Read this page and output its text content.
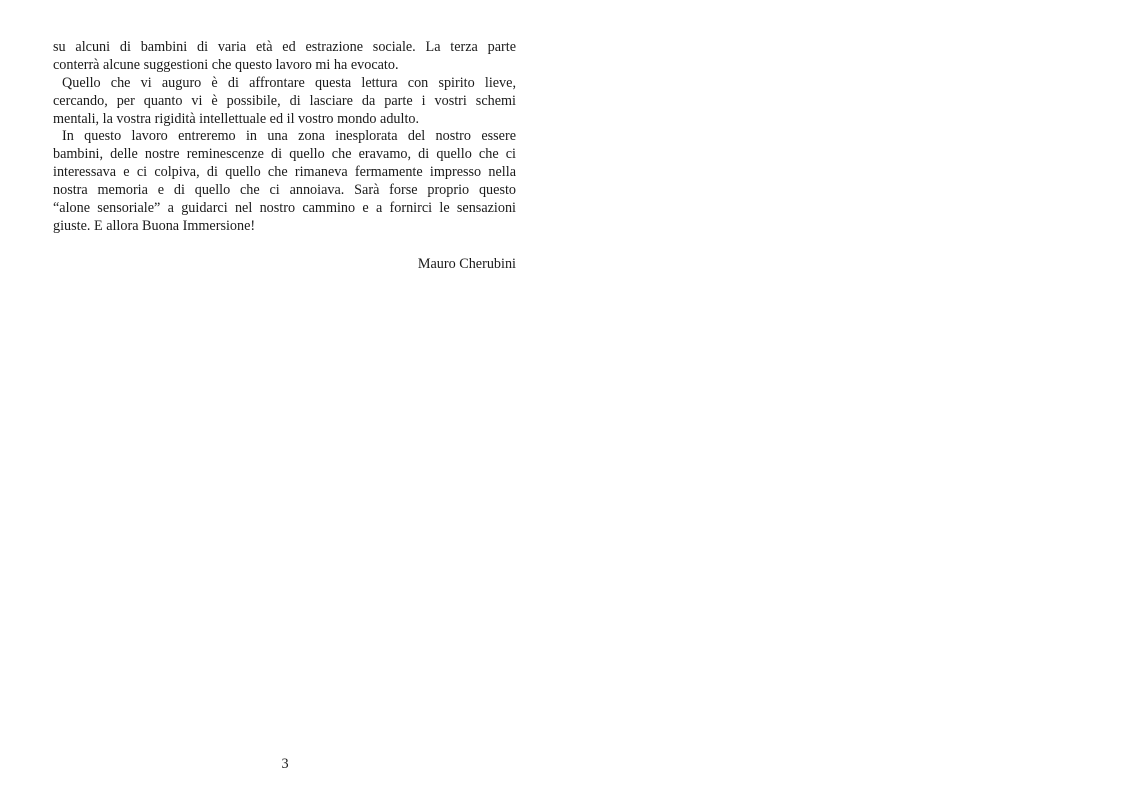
su alcuni di bambini di varia età ed estrazione sociale. La terza parte
conterrà alcune suggestioni che questo lavoro mi ha evocato.
Quello che vi auguro è di affrontare questa lettura con spirito lieve,
cercando, per quanto vi è possibile, di lasciare da parte i vostri schemi
mentali, la vostra rigidità intellettuale ed il vostro mondo adulto.
In questo lavoro entreremo in una zona inesplorata del nostro essere
bambini, delle nostre reminescenze di quello che eravamo, di quello che ci
interessava e ci colpiva, di quello che rimaneva fermamente impresso nella
nostra memoria e di quello che ci annoiava. Sarà forse proprio questo
“alone sensoriale” a guidarci nel nostro cammino e a fornirci le sensazioni
giuste. E allora Buona Immersione!
Mauro Cherubini
3
